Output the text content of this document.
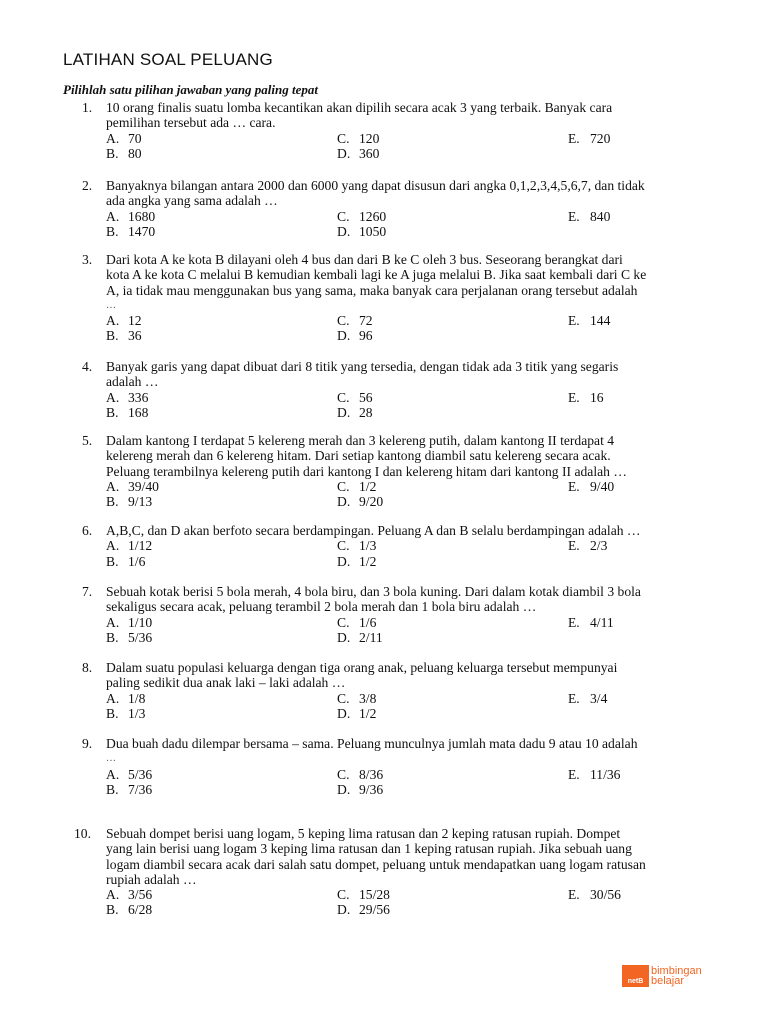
LATIHAN SOAL PELUANG
Pilihlah satu pilihan jawaban yang paling tepat
1. 10 orang finalis suatu lomba kecantikan akan dipilih secara acak 3 yang terbaik. Banyak cara
pemilihan tersebut ada … cara.
A. 70	C. 120	E. 720
B. 80	D. 360
2. Banyaknya bilangan antara 2000 dan 6000 yang dapat disusun dari angka 0,1,2,3,4,5,6,7, dan tidak
ada angka yang sama adalah …
A. 1680	C. 1260	E. 840
B. 1470	D. 1050
3. Dari kota A ke kota B dilayani oleh 4 bus dan dari B ke C oleh 3 bus. Seseorang berangkat dari
kota A ke kota C melalui B kemudian kembali lagi ke A juga melalui B. Jika saat kembali dari C ke
A, ia tidak mau menggunakan bus yang sama, maka banyak cara perjalanan orang tersebut adalah
…
A. 12	C. 72	E. 144
B. 36	D. 96
4. Banyak garis yang dapat dibuat dari 8 titik yang tersedia, dengan tidak ada 3 titik yang segaris
adalah …
A. 336	C. 56	E. 16
B. 168	D. 28
5. Dalam kantong I terdapat 5 kelereng merah dan 3 kelereng putih, dalam kantong II terdapat 4
kelereng merah dan 6 kelereng hitam. Dari setiap kantong diambil satu kelereng secara acak.
Peluang terambilnya kelereng putih dari kantong I dan kelereng hitam dari kantong II adalah …
A. 39/40	C. 1/2	E. 9/40
B. 9/13	D. 9/20
6. A,B,C, dan D akan berfoto secara berdampingan. Peluang A dan B selalu berdampingan adalah …
A. 1/12	C. 1/3	E. 2/3
B. 1/6	D. 1/2
7. Sebuah kotak berisi 5 bola merah, 4 bola biru, dan 3 bola kuning. Dari dalam kotak diambil 3 bola
sekaligus secara acak, peluang terambil 2 bola merah dan 1 bola biru adalah …
A. 1/10	C. 1/6	E. 4/11
B. 5/36	D. 2/11
8. Dalam suatu populasi keluarga dengan tiga orang anak, peluang keluarga tersebut mempunyai
paling sedikit dua anak laki – laki adalah …
A. 1/8	C. 3/8	E. 3/4
B. 1/3	D. 1/2
9. Dua buah dadu dilempar bersama – sama. Peluang munculnya jumlah mata dadu 9 atau 10 adalah
…
A. 5/36	C. 8/36	E. 11/36
B. 7/36	D. 9/36
10. Sebuah dompet berisi uang logam, 5 keping lima ratusan dan 2 keping ratusan rupiah. Dompet
yang lain berisi uang logam 3 keping lima ratusan dan 1 keping ratusan rupiah. Jika sebuah uang
logam diambil secara acak dari salah satu dompet, peluang untuk mendapatkan uang logam ratusan
rupiah adalah …
A. 3/56	C. 15/28	E. 30/56
B. 6/28	D. 29/56
netB
bimbingan
belajar
